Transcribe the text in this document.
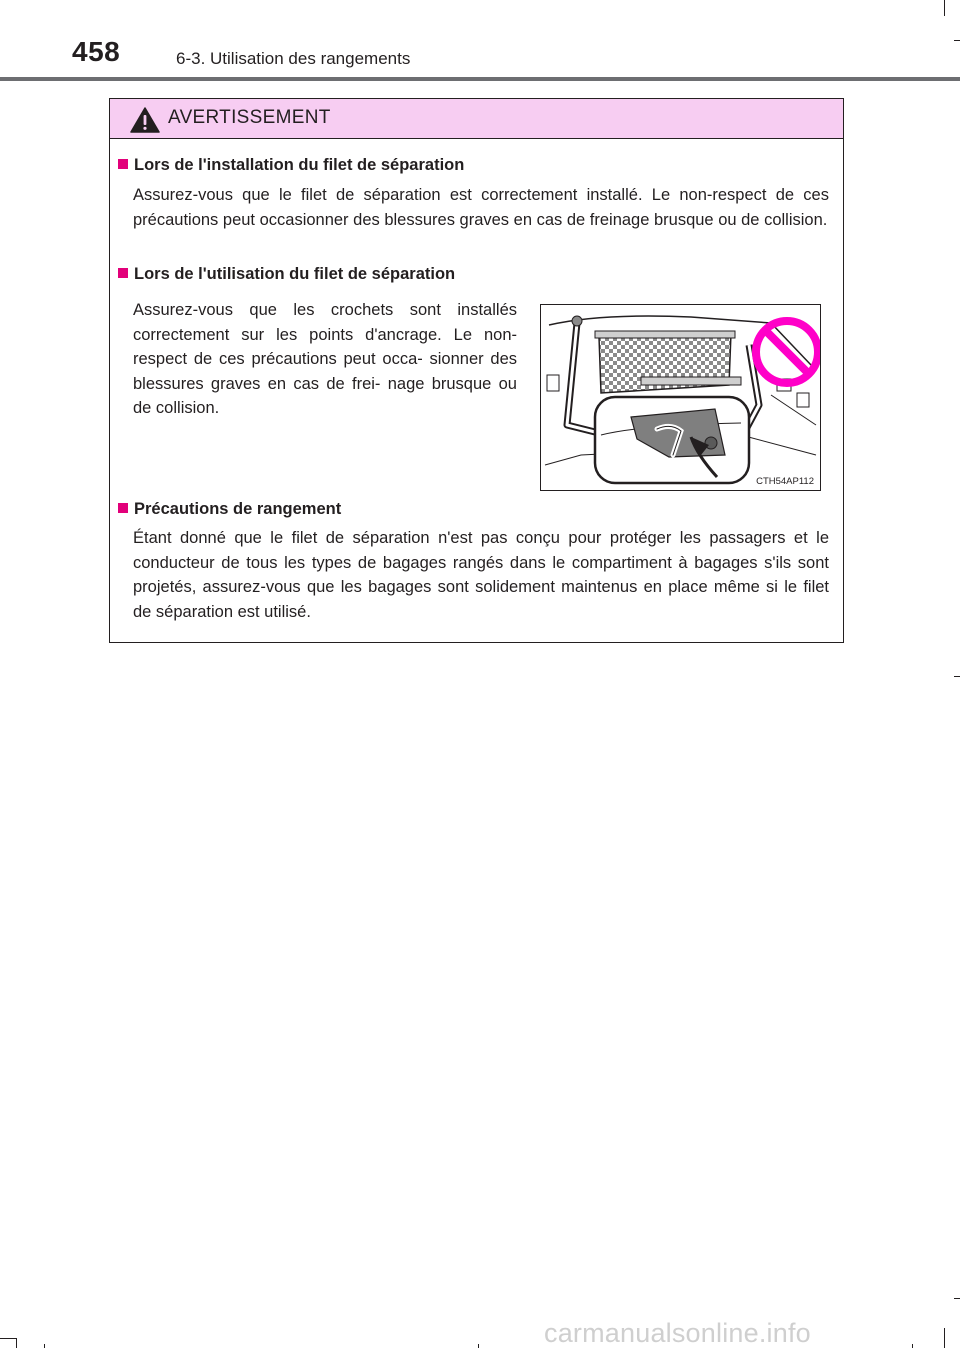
458	6-3. Utilisation des rangements
AVERTISSEMENT
Lors de l'installation du filet de séparation

Assurez-vous que le filet de séparation est correctement installé. Le non-respect de ces précautions peut occasionner des blessures graves en cas de freinage brusque ou de collision.

Lors de l'utilisation du filet de séparation

Assurez-vous que les crochets sont installés correctement sur les points d'ancrage. Le non-respect de ces précautions peut occa- sionner des blessures graves en cas de frei- nage brusque ou de collision.

CTH54AP112
Précautions de rangement

Étant donné que le filet de séparation n'est pas conçu pour protéger les passagers et le conducteur de tous les types de bagages rangés dans le compartiment à bagages s'ils sont projetés, assurez-vous que les bagages sont solidement maintenus en place même si le filet de séparation est utilisé.

carmanualsonline.info
